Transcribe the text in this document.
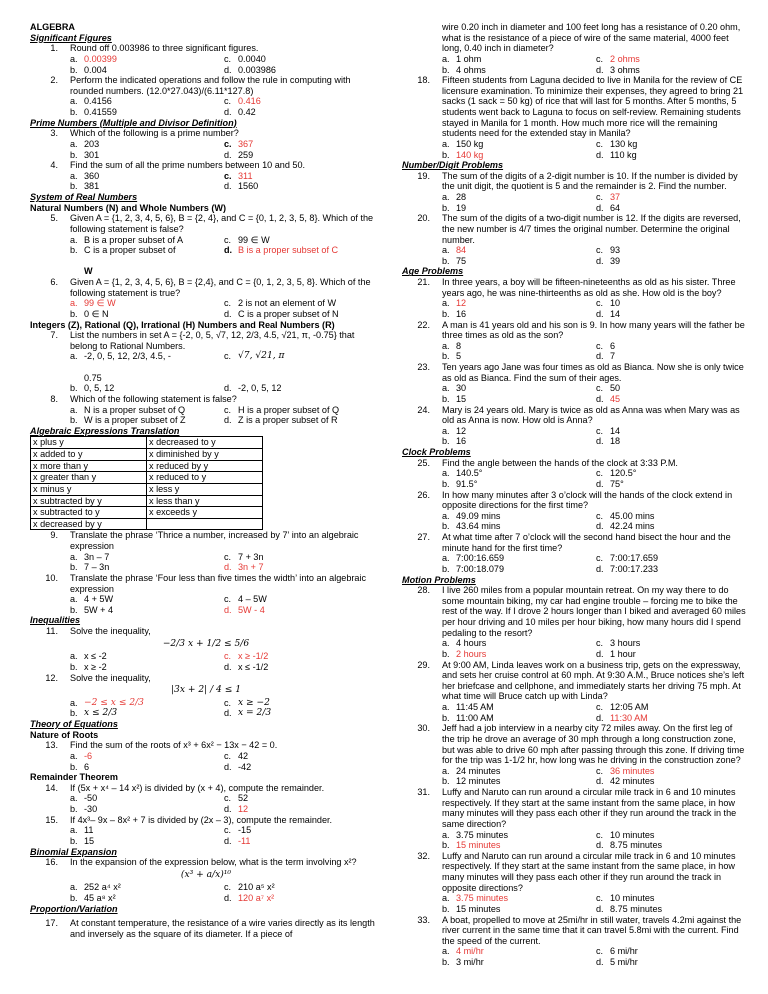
ALGEBRA
Significant Figures
1. Round off 0.003986 to three significant figures.
a. 0.00399	c. 0.0040
b. 0.004	d. 0.003986
2. Perform the indicated operations and follow the rule in computing with rounded numbers. (12.0*27.043)/(6.11*127.8)
a. 0.4156	c. 0.416
b. 0.41559	d. 0.42
Prime Numbers (Multiple and Divisor Definition)
3. Which of the following is a prime number?
a. 203	c. 367
b. 301	d. 259
4. Find the sum of all the prime numbers between 10 and 50.
a. 360	c. 311
b. 381	d. 1560
System of Real Numbers
Natural Numbers (N) and Whole Numbers (W)
5. Given A = {1, 2, 3, 4, 5, 6}, B = {2, 4}, and C = {0, 1, 2, 3, 5, 8}. Which of the following statement is false?
a. B is a proper subset of A	c. 99 ∈ W
b. C is a proper subset of

W
d. B is a proper subset of C
6. Given A = {1, 2, 3, 4, 5, 6}, B = {2,4}, and C = {0, 1, 2, 3, 5, 8}. Which of the following statement is true?
a. 99 ∈ W	c. 2 is not an element of W
b. 0 ∈ N	d. C is a proper subset of N
Integers (Z), Rational (Q), Irrational (H) Numbers and Real Numbers (R)
7. List the numbers in set A = {-2, 0, 5, √7, 12, 2/3, 4.5, √21, π, -0.75} that belong to Rational Numbers.
a. -2, 0, 5, 12, 2/3, 4.5, -

0.75
c. √7, √21, π
b. 0, 5, 12	d. -2, 0, 5, 12
8. Which of the following statement is false?
a. N is a proper subset of Q	c. H is a proper subset of Q
b. W is a proper subset of Z	d. Z is a proper subset of R
Algebraic Expressions Translation
x plus y	x decreased to y
x added to y	x diminished by y
x more than y	x reduced by y
x greater than y	x reduced to y
x minus y	x less y
x subtracted by y	x less than y
x subtracted to y	x exceeds y
x decreased by y	
9. Translate the phrase ‘Thrice a number, increased by 7’ into an algebraic expression
a. 3n – 7	c. 7 + 3n
b. 7 – 3n	d. 3n + 7
10. Translate the phrase ‘Four less than five times the width’ into an algebraic expression
a. 4 + 5W	c. 4 – 5W
b. 5W + 4	d. 5W - 4
Inequalities
11. Solve the inequality,
−2/3 x + 1/2 ≤ 5/6
a. x ≤ -2	c. x ≥ -1/2
b. x ≥ -2	d. x ≤ -1/2
12. Solve the inequality,
|3x + 2| / 4 ≤ 1
a. −2 ≤ x ≤ 2/3	c. x ≥ −2
b. x ≤ 2/3	d. x = 2/3
Theory of Equations
Nature of Roots
13. Find the sum of the roots of x³ + 6x² − 13x − 42 = 0.
a. -6	c. 42
b. 6	d. -42
Remainder Theorem
14. If (5x + x⁴ – 14 x²) is divided by (x + 4), compute the remainder.
a. -50	c. 52
b. -30	d. 12
15. If 4x³– 9x – 8x² + 7 is divided by (2x – 3), compute the remainder.
a. 11	c. -15
b. 15	d. -11
Binomial Expansion
16. In the expansion of the expression below, what is the term involving x²?
(x³ + a/x)¹⁰
a. 252 a⁴ x²	c. 210 a⁵ x²
b. 45 a⁸ x²	d. 120 a⁷ x²
Proportion/Variation
17. At constant temperature, the resistance of a wire varies directly as its length and inversely as the square of its diameter. If a piece of
wire 0.20 inch in diameter and 100 feet long has a resistance of 0.20 ohm, what is the resistance of a piece of wire of the same material, 4000 feet long, 0.40 inch in diameter?
a. 1 ohm	c. 2 ohms
b. 4 ohms	d. 3 ohms
18. Fifteen students from Laguna decided to live in Manila for the review of CE licensure examination. To minimize their expenses, they agreed to bring 21 sacks (1 sack = 50 kg) of rice that will last for 5 months. After 5 months, 5 students went back to Laguna to focus on self-review. Remaining students stayed in Manila for 1 month. How much more rice will the remaining students need for the extended stay in Manila?
a. 150 kg	c. 130 kg
b. 140 kg	d. 110 kg
Number/Digit Problems
19. The sum of the digits of a 2-digit number is 10. If the number is divided by the unit digit, the quotient is 5 and the remainder is 2. Find the number.
a. 28	c. 37
b. 19	d. 64
20. The sum of the digits of a two-digit number is 12. If the digits are reversed, the new number is 4/7 times the original number. Determine the original number.
a. 84	c. 93
b. 75	d. 39
Age Problems
21. In three years, a boy will be fifteen-nineteenths as old as his sister. Three years ago, he was nine-thirteenths as old as she. How old is the boy?
a. 12	c. 10
b. 16	d. 14
22. A man is 41 years old and his son is 9. In how many years will the father be three times as old as the son?
a. 8	c. 6
b. 5	d. 7
23. Ten years ago Jane was four times as old as Bianca. Now she is only twice as old as Bianca. Find the sum of their ages.
a. 30	c. 50
b. 15	d. 45
24. Mary is 24 years old. Mary is twice as old as Anna was when Mary was as old as Anna is now. How old is Anna?
a. 12	c. 14
b. 16	d. 18
Clock Problems
25. Find the angle between the hands of the clock at 3:33 P.M.
a. 140.5°	c. 120.5°
b. 91.5°	d. 75°
26. In how many minutes after 3 o’clock will the hands of the clock extend in opposite directions for the first time?
a. 49.09 mins	c. 45.00 mins
b. 43.64 mins	d. 42.24 mins
27. At what time after 7 o’clock will the second hand bisect the hour and the minute hand for the first time?
a. 7:00:16.659	c. 7:00:17.659
b. 7:00:18.079	d. 7:00:17.233
Motion Problems
28. I live 260 miles from a popular mountain retreat. On my way there to do some mountain biking, my car had engine trouble – forcing me to bike the rest of the way. If I drove 2 hours longer than I biked and averaged 60 miles per hour driving and 10 miles per hour biking, how many hours did I spend pedaling to the resort?
a. 4 hours	c. 3 hours
b. 2 hours	d. 1 hour
29. At 9:00 AM, Linda leaves work on a business trip, gets on the expressway, and sets her cruise control at 60 mph. At 9:30 A.M., Bruce notices she’s left her briefcase and cellphone, and immediately starts her driving 75 mph. At what time will Bruce catch up with Linda?
a. 11:45 AM	c. 12:05 AM
b. 11:00 AM	d. 11:30 AM
30. Jeff had a job interview in a nearby city 72 miles away. On the first leg of the trip he drove an average of 30 mph through a long construction zone, but was able to drive 60 mph after passing through this zone. If driving time for the trip was 1-1/2 hr, how long was he driving in the construction zone?
a. 24 minutes	c. 36 minutes
b. 12 minutes	d. 42 minutes
31. Luffy and Naruto can run around a circular mile track in 6 and 10 minutes respectively. If they start at the same instant from the same place, in how many minutes will they pass each other if they run around the track in the same direction?
a. 3.75 minutes	c. 10 minutes
b. 15 minutes	d. 8.75 minutes
32. Luffy and Naruto can run around a circular mile track in 6 and 10 minutes respectively. If they start at the same instant from the same place, in how many minutes will they pass each other if they run around the track in opposite directions?
a. 3.75 minutes	c. 10 minutes
b. 15 minutes	d. 8.75 minutes
33. A boat, propelled to move at 25mi/hr in still water, travels 4.2mi against the river current in the same time that it can travel 5.8mi with the current. Find the speed of the current.
a. 4 mi/hr	c. 6 mi/hr
b. 3 mi/hr	d. 5 mi/hr
